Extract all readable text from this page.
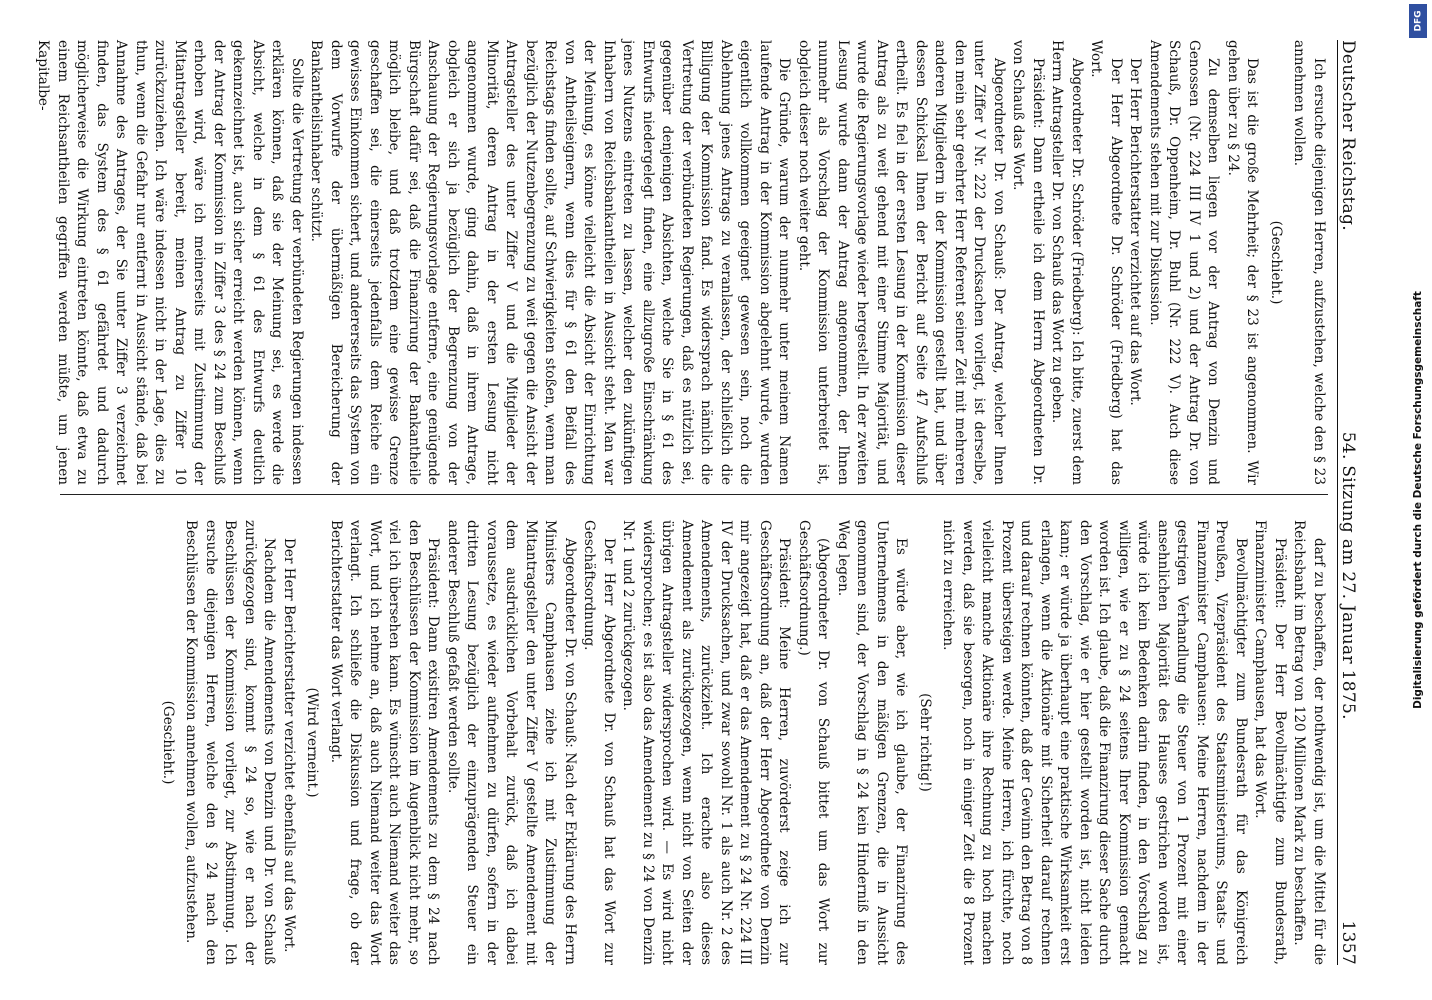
Deutscher Reichstag.
54. Sitzung am 27. Januar 1875.
1357

Ich ersuche diejenigen Herren, aufzustehen, welche den § 23 annehmen wollen.

(Geschieht.)

Das ist die große Mehrheit; der § 23 ist angenommen. Wir gehen über zu § 24.

Zu demselben liegen vor der Antrag von Denzin und Genossen (Nr. 224 III IV 1 und 2) und der Antrag Dr. von Schauß, Dr. Oppenheim, Dr. Buhl (Nr. 222 V). Auch diese Amendements stehen mit zur Diskussion.

Der Herr Berichterstatter verzichtet auf das Wort.

Der Herr Abgeordnete Dr. Schröder (Friedberg) hat das Wort.

Abgeordneter Dr. Schröder (Friedberg): Ich bitte, zuerst dem Herrn Antragsteller Dr. von Schauß das Wort zu geben.

Präsident: Dann ertheile ich dem Herrn Abgeordneten Dr. von Schauß das Wort.

Abgeordneter Dr. von Schauß: Der Antrag, welcher Ihnen unter Ziffer V Nr. 222 der Drucksachen vorliegt, ist derselbe, den mein sehr geehrter Herr Referent seiner Zeit mit mehreren anderen Mitgliedern in der Kommission gestellt hat, und über dessen Schicksal Ihnen der Bericht auf Seite 47 Aufschluß ertheilt. Es fiel in der ersten Lesung in der Kommission dieser Antrag als zu weit gehend mit einer Stimme Majorität, und wurde die Regierungsvorlage wieder hergestellt. In der zweiten Lesung wurde dann der Antrag angenommen, der Ihnen nunmehr als Vorschlag der Kommission unterbreitet ist, obgleich dieser noch weiter geht.

Die Gründe, warum der nunmehr unter meinem Namen laufende Antrag in der Kommission abgelehnt wurde, wurden eigentlich vollkommen geeignet gewesen sein, noch die Ablehnung jenes Antrags zu veranlassen, der schließlich die Billigung der Kommission fand. Es widersprach nämlich die Vertretung der verbündeten Regierungen, daß es nützlich sei, gegenüber denjenigen Absichten, welche Sie in § 61 des Entwurfs niedergelegt finden, eine allzugroße Einschränkung jenes Nutzens eintreten zu lassen, welcher den zukünftigen Inhabern von Reichsbankantheilen in Aussicht steht. Man war der Meinung, es könne vielleicht die Absicht der Einrichtung von Antheilseignern, wenn dies für § 61 den Beifall des Reichstags finden sollte, auf Schwierigkeiten stoßen, wenn man bezüglich der Nutzenbegrenzung zu weit gegen die Ansicht der Antragsteller des unter Ziffer V und die Mitglieder der Minorität, deren Antrag in der ersten Lesung nicht angenommen wurde, ging dahin, daß in ihrem Antrage, obgleich er sich ja bezüglich der Begrenzung von der Anschauung der Regierungsvorlage entferne, eine genügende Bürgschaft dafür sei, daß die Finanzirung der Bankantheile möglich bleibe, und daß trotzdem eine gewisse Grenze geschaffen sei, die einerseits jedenfalls dem Reiche ein gewisses Einkommen sichert, und andererseits das System von dem Vorwurfe der übermäßigen Bereicherung der Bankantheilsinhaber schützt.

Sollte die Vertretung der verbündeten Regierungen indessen erklären können, daß sie der Meinung sei, es werde die Absicht, welche in dem § 61 des Entwurfs deutlich gekennzeichnet ist, auch sicher erreicht werden können, wenn der Antrag der Kommission in Ziffer 3 des § 24 zum Beschluß erhoben wird, wäre ich meinerseits mit Zustimmung der Mitantragsteller bereit, meinen Antrag zu Ziffer 10 zurückzuziehen. Ich wäre indessen nicht in der Lage, dies zu thun, wenn die Gefahr nur entfernt in Aussicht stände, daß bei Annahme des Antrages, der Sie unter Ziffer 3 verzeichnet finden, das System des § 61 gefährdet und dadurch möglicherweise die Wirkung eintreten könnte, daß etwa zu einem Reichsantheilen gegriffen werden müßte, um jenen Kapitalbe-

darf zu beschaffen, der nothwendig ist, um die Mittel für die Reichsbank im Betrag von 120 Millionen Mark zu beschaffen.

Präsident: Der Herr Bevollmächtigte zum Bundesrath, Finanzminister Camphausen, hat das Wort.

Bevollmächtigter zum Bundesrath für das Königreich Preußen, Vizepräsident des Staatsministeriums, Staats- und Finanzminister Camphausen: Meine Herren, nachdem in der gestrigen Verhandlung die Steuer von 1 Prozent mit einer ansehnlichen Majorität des Hauses gestrichen worden ist, würde ich kein Bedenken darin finden, in den Vorschlag zu willigen, wie er zu § 24 seitens Ihrer Kommission gemacht worden ist. Ich glaube, daß die Finanzirung dieser Sache durch den Vorschlag, wie er hier gestellt worden ist, nicht leiden kann; er würde ja überhaupt eine praktische Wirksamkeit erst erlangen, wenn die Aktionäre mit Sicherheit darauf rechnen und darauf rechnen könnten, daß der Gewinn den Betrag von 8 Prozent übersteigen werde. Meine Herren, ich fürchte, noch vielleicht manche Aktionäre ihre Rechnung zu hoch machen werden, daß sie besorgen, noch in einiger Zeit die 8 Prozent nicht zu erreichen.

(Sehr richtig!)

Es würde aber, wie ich glaube, der Finanzirung des Unternehmens in den mäßigen Grenzen, die in Aussicht genommen sind, der Vorschlag in § 24 kein Hinderniß in den Weg legen.

(Abgeordneter Dr. von Schauß bittet um das Wort zur Geschäftsordnung.)

Präsident: Meine Herren, zuvörderst zeige ich zur Geschäftsordnung an, daß der Herr Abgeordnete von Denzin mir angezeigt hat, daß er das Amendement zu § 24 Nr. 224 III IV der Drucksachen, und zwar sowohl Nr. 1 als auch Nr. 2 des Amendements, zurückzieht. Ich erachte also dieses Amendement als zurückgezogen, wenn nicht von Seiten der übrigen Antragsteller widersprochen wird. — Es wird nicht widersprochen; es ist also das Amendement zu § 24 von Denzin Nr. 1 und 2 zurückgezogen.

Der Herr Abgeordnete Dr. von Schauß hat das Wort zur Geschäftsordnung.

Abgeordneter Dr. von Schauß: Nach der Erklärung des Herrn Ministers Camphausen ziehe ich mit Zustimmung der Mitantragsteller den unter Ziffer V gestellte Amendement mit dem ausdrücklichen Vorbehalt zurück, daß ich dabei voraussetze, es wieder aufnehmen zu dürfen, sofern in der dritten Lesung bezüglich der einzuprägenden Steuer ein anderer Beschluß gefaßt werden sollte.

Präsident: Dann existiren Amendements zu dem § 24 nach den Beschlüssen der Kommission im Augenblick nicht mehr, so viel ich übersehen kann. Es wünscht auch Niemand weiter das Wort, und ich nehme an, daß auch Niemand weiter das Wort verlangt. Ich schließe die Diskussion und frage, ob der Berichterstatter das Wort verlangt.

(Wird verneint.)

Der Herr Berichterstatter verzichtet ebenfalls auf das Wort.

Nachdem die Amendements von Denzin und Dr. von Schauß zurückgezogen sind, kommt § 24 so, wie er nach der Beschlüssen der Kommission vorliegt, zur Abstimmung. Ich ersuche diejenigen Herren, welche den § 24 nach den Beschlüssen der Kommission annehmen wollen, aufzustehen.

(Geschieht.)

DFG
Digitalisierung gefördert durch die Deutsche Forschungsgemeinschaft
